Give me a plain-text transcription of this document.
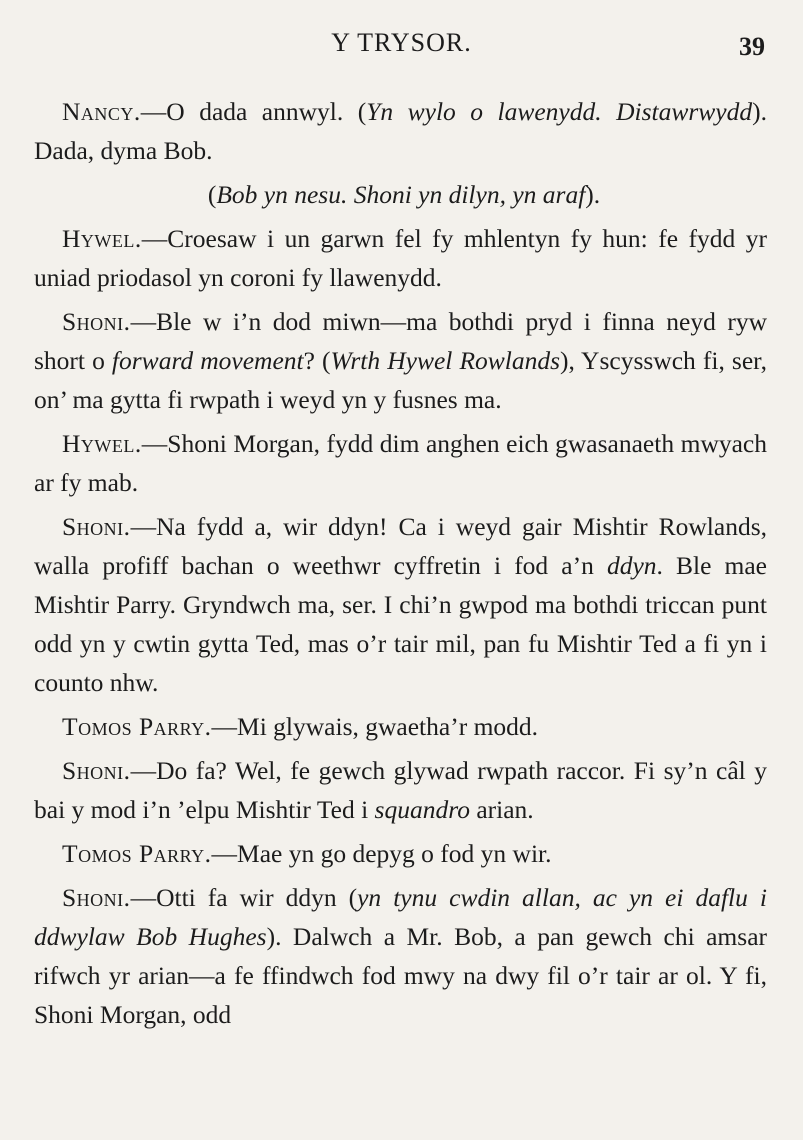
Y TRYSOR.	39

Nancy.—O dada annwyl. (Yn wylo o lawenydd. Distawrwydd). Dada, dyma Bob.

(Bob yn nesu. Shoni yn dilyn, yn araf).

Hywel.—Croesaw i un garwn fel fy mhlentyn fy hun: fe fydd yr uniad priodasol yn coroni fy llawenydd.

Shoni.—Ble w i’n dod miwn—ma bothdi pryd i finna neyd ryw short o forward movement? (Wrth Hywel Rowlands), Yscysswch fi, ser, on’ ma gytta fi rwpath i weyd yn y fusnes ma.

Hywel.—Shoni Morgan, fydd dim anghen eich gwasanaeth mwyach ar fy mab.

Shoni.—Na fydd a, wir ddyn! Ca i weyd gair Mishtir Rowlands, walla profiff bachan o weethwr cyffretin i fod a’n ddyn. Ble mae Mishtir Parry. Gryndwch ma, ser. I chi’n gwpod ma bothdi triccan punt odd yn y cwtin gytta Ted, mas o’r tair mil, pan fu Mishtir Ted a fi yn i counto nhw.

Tomos Parry.—Mi glywais, gwaetha’r modd.

Shoni.—Do fa? Wel, fe gewch glywad rwpath raccor. Fi sy’n câl y bai y mod i’n ’elpu Mishtir Ted i squandro arian.

Tomos Parry.—Mae yn go depyg o fod yn wir.

Shoni.—Otti fa wir ddyn (yn tynu cwdin allan, ac yn ei daflu i ddwylaw Bob Hughes). Dalwch a Mr. Bob, a pan gewch chi amsar rifwch yr arian—a fe ffindwch fod mwy na dwy fil o’r tair ar ol. Y fi, Shoni Morgan, odd
